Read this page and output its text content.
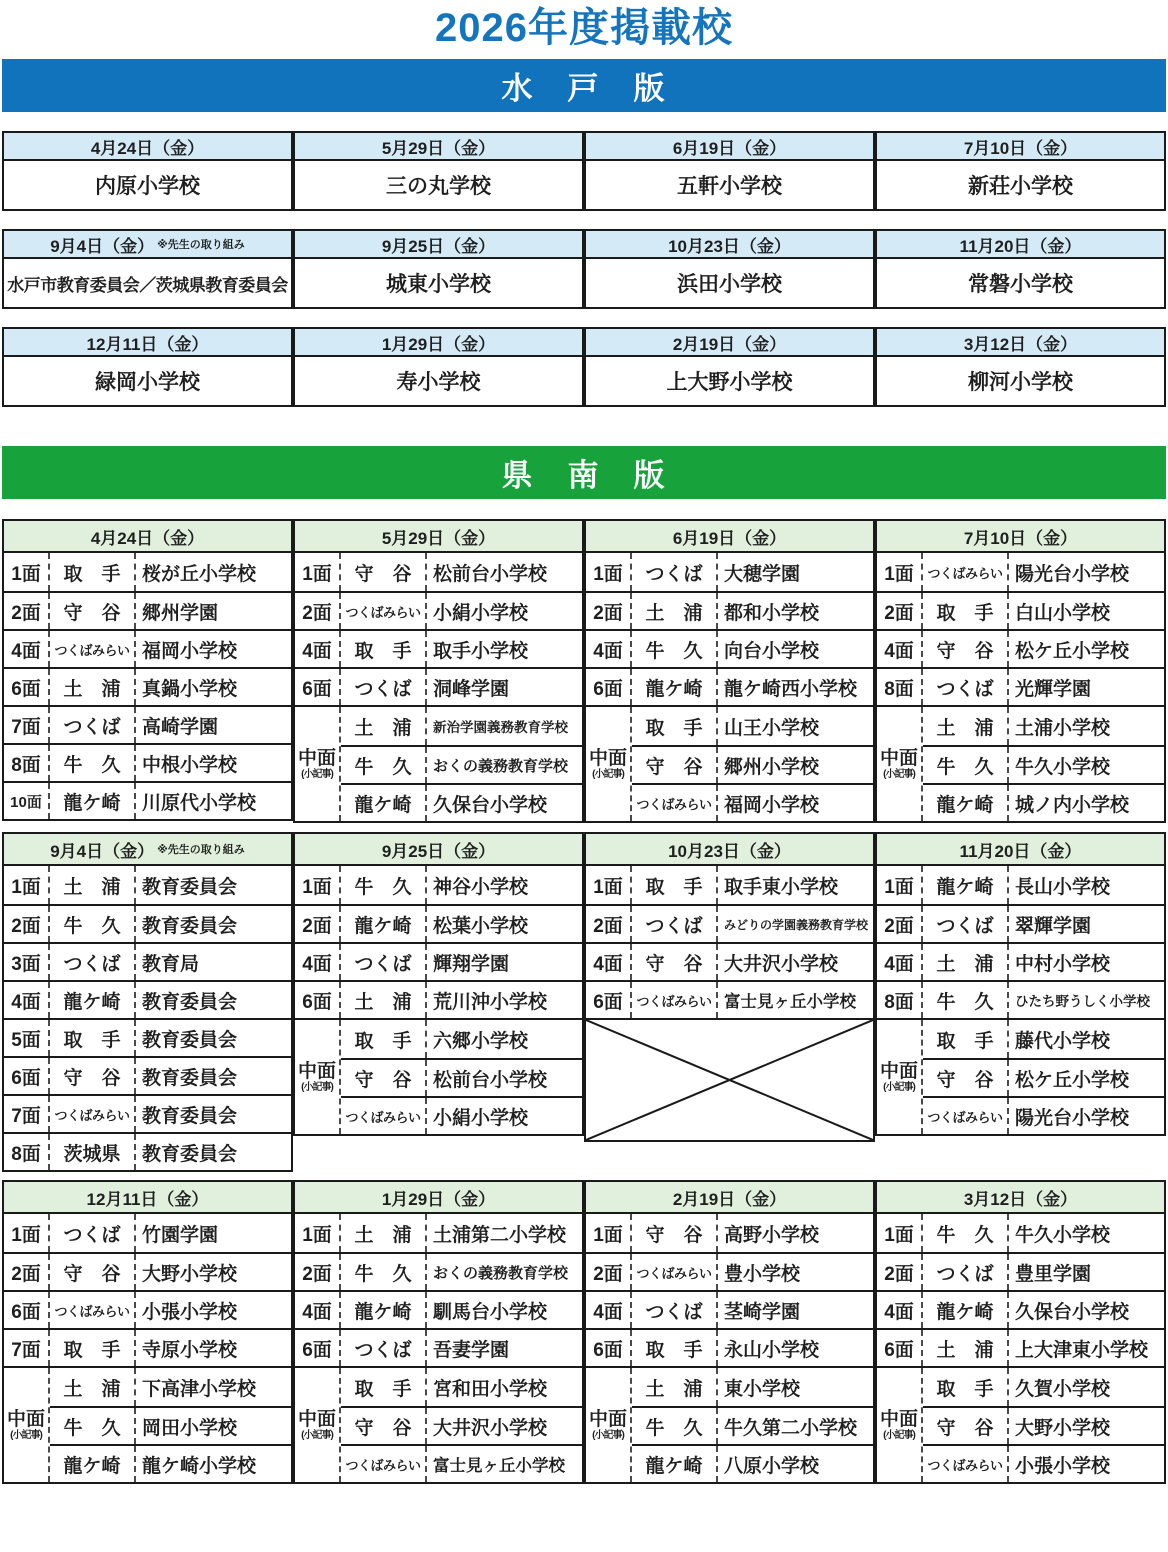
2026年度掲載校
水　戸　版
4月24日（金）
内原小学校
5月29日（金）
三の丸学校
6月19日（金）
五軒小学校
7月10日（金）
新荘小学校
9月4日（金） ※先生の取り組み
水戸市教育委員会／茨城県教育委員会
9月25日（金）
城東小学校
10月23日（金）
浜田小学校
11月20日（金）
常磐小学校
12月11日（金）
緑岡小学校
1月29日（金）
寿小学校
2月19日（金）
上大野小学校
3月12日（金）
柳河小学校
県　南　版
4月24日（金）
1面	取　手	桜が丘小学校
2面	守　谷	郷州学園
4面	つくばみらい 福岡小学校
6面	土　浦	真鍋小学校
7面	つくば	高崎学園
8面	牛　久	中根小学校
10面	龍ケ崎	川原代小学校
5月29日（金）
1面	守　谷	松前台小学校
2面	つくばみらい 小絹小学校
4面	取　手	取手小学校
6面	つくば	洞峰学園
中面
(小記事)
土　浦	新治学園義務教育学校
牛　久	おくの義務教育学校
龍ケ崎	久保台小学校
6月19日（金）
1面	つくば	大穂学園
2面	土　浦	都和小学校
4面	牛　久	向台小学校
6面	龍ケ崎	龍ケ崎西小学校
中面
(小記事)
取　手	山王小学校
守　谷	郷州小学校
つくばみらい 福岡小学校
7月10日（金）
1面	つくばみらい 陽光台小学校
2面	取　手	白山小学校
4面	守　谷	松ケ丘小学校
8面	つくば	光輝学園
中面
(小記事)
土　浦	土浦小学校
牛　久	牛久小学校
龍ケ崎	城ノ内小学校
9月4日（金） ※先生の取り組み
1面	土　浦	教育委員会
2面	牛　久	教育委員会
3面	つくば	教育局
4面	龍ケ崎	教育委員会
5面	取　手	教育委員会
6面	守　谷	教育委員会
7面	つくばみらい 教育委員会
8面	茨城県	教育委員会
9月25日（金）
1面	牛　久	神谷小学校
2面	龍ケ崎	松葉小学校
4面	つくば	輝翔学園
6面	土　浦	荒川沖小学校
中面
(小記事)
取　手	六郷小学校
守　谷	松前台小学校
つくばみらい 小絹小学校
10月23日（金）
1面	取　手	取手東小学校
2面	つくば	みどりの学園義務教育学校
4面	守　谷	大井沢小学校
6面	つくばみらい 富士見ヶ丘小学校
11月20日（金）
1面	龍ケ崎	長山小学校
2面	つくば	翠輝学園
4面	土　浦	中村小学校
8面	牛　久	ひたち野うしく小学校
中面
(小記事)
取　手	藤代小学校
守　谷	松ケ丘小学校
つくばみらい 陽光台小学校
12月11日（金）
1面	つくば	竹園学園
2面	守　谷	大野小学校
6面	つくばみらい 小張小学校
7面	取　手	寺原小学校
中面
(小記事)
土　浦	下高津小学校
牛　久	岡田小学校
龍ケ崎	龍ケ崎小学校
1月29日（金）
1面	土　浦	土浦第二小学校
2面	牛　久	おくの義務教育学校
4面	龍ケ崎	馴馬台小学校
6面	つくば	吾妻学園
中面
(小記事)
取　手	宮和田小学校
守　谷	大井沢小学校
つくばみらい 富士見ヶ丘小学校
2月19日（金）
1面	守　谷	高野小学校
2面	つくばみらい 豊小学校
4面	つくば	茎崎学園
6面	取　手	永山小学校
中面
(小記事)
土　浦	東小学校
牛　久	牛久第二小学校
龍ケ崎	八原小学校
3月12日（金）
1面	牛　久	牛久小学校
2面	つくば	豊里学園
4面	龍ケ崎	久保台小学校
6面	土　浦	上大津東小学校
中面
(小記事)
取　手	久賀小学校
守　谷	大野小学校
つくばみらい 小張小学校
